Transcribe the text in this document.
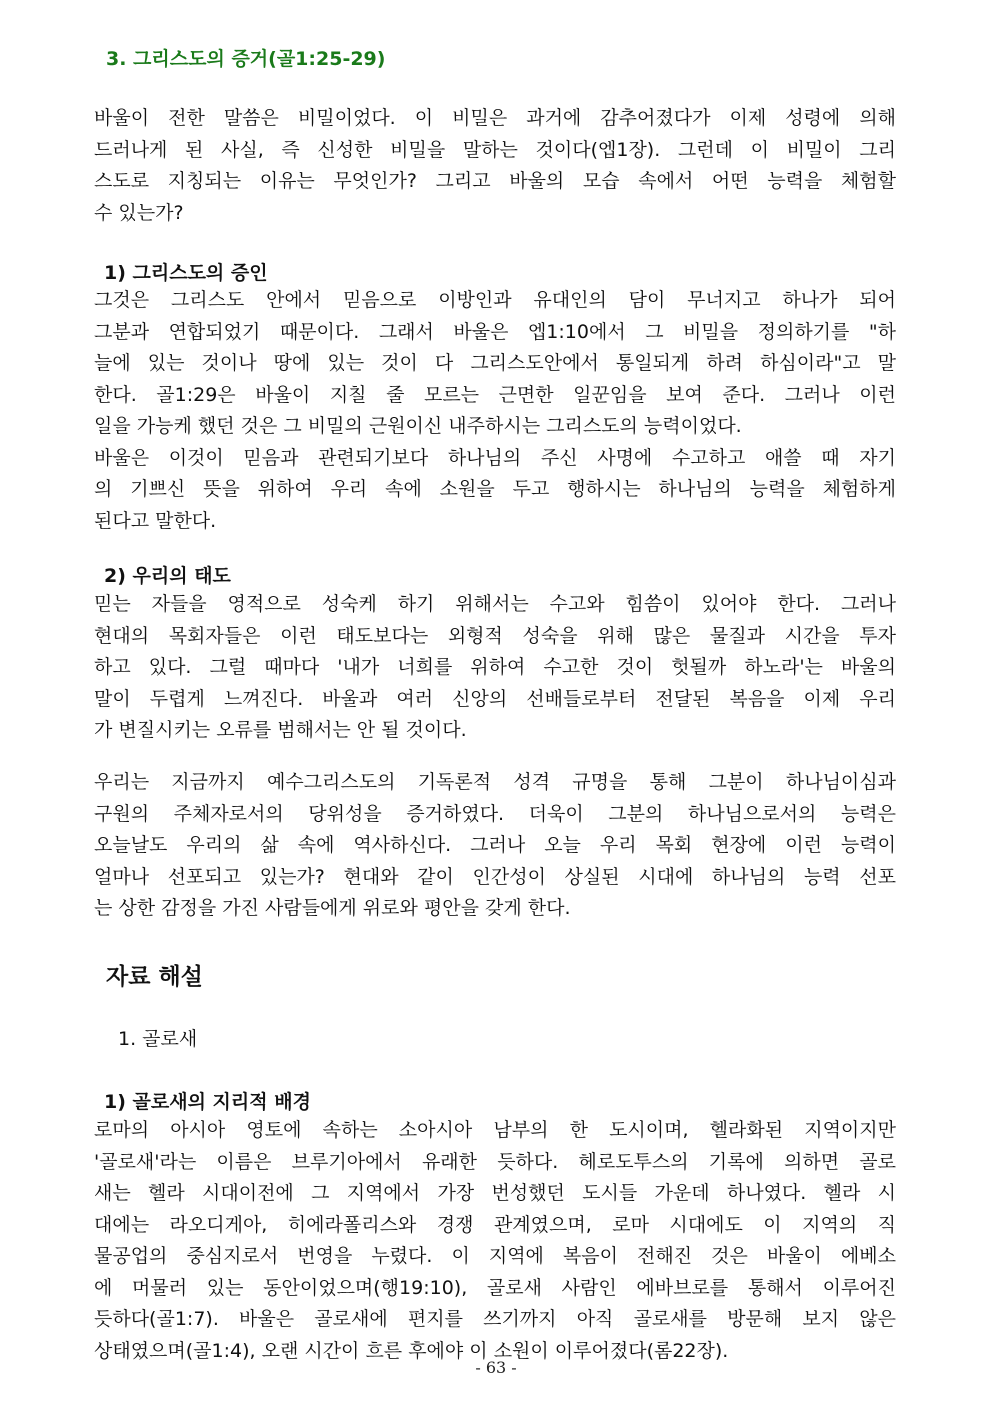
3. 그리스도의 증거(골1:25-29)
바울이 전한 말씀은 비밀이었다. 이 비밀은 과거에 감추어졌다가 이제 성령에 의해
드러나게 된 사실, 즉 신성한 비밀을 말하는 것이다(엡1장). 그런데 이 비밀이 그리
스도로 지칭되는 이유는 무엇인가? 그리고 바울의 모습 속에서 어떤 능력을 체험할
수 있는가?
1) 그리스도의 증인
그것은 그리스도 안에서 믿음으로 이방인과 유대인의 담이 무너지고 하나가 되어
그분과 연합되었기 때문이다. 그래서 바울은 엡1:10에서 그 비밀을 정의하기를 "하
늘에 있는 것이나 땅에 있는 것이 다 그리스도안에서 통일되게 하려 하심이라"고 말
한다. 골1:29은 바울이 지칠 줄 모르는 근면한 일꾼임을 보여 준다. 그러나 이런
일을 가능케 했던 것은 그 비밀의 근원이신 내주하시는 그리스도의 능력이었다.
바울은 이것이 믿음과 관련되기보다 하나님의 주신 사명에 수고하고 애쓸 때 자기
의 기쁘신 뜻을 위하여 우리 속에 소원을 두고 행하시는 하나님의 능력을 체험하게
된다고 말한다.
2) 우리의 태도
믿는 자들을 영적으로 성숙케 하기 위해서는 수고와 힘씀이 있어야 한다. 그러나
현대의 목회자들은 이런 태도보다는 외형적 성숙을 위해 많은 물질과 시간을 투자
하고 있다. 그럴 때마다 '내가 너희를 위하여 수고한 것이 헛될까 하노라'는 바울의
말이 두렵게 느껴진다. 바울과 여러 신앙의 선배들로부터 전달된 복음을 이제 우리
가 변질시키는 오류를 범해서는 안 될 것이다.
우리는 지금까지 예수그리스도의 기독론적 성격 규명을 통해 그분이 하나님이심과
구원의 주체자로서의 당위성을 증거하였다. 더욱이 그분의 하나님으로서의 능력은
오늘날도 우리의 삶 속에 역사하신다. 그러나 오늘 우리 목회 현장에 이런 능력이
얼마나 선포되고 있는가? 현대와 같이 인간성이 상실된 시대에 하나님의 능력 선포
는 상한 감정을 가진 사람들에게 위로와 평안을 갖게 한다.
자료 해설
1. 골로새
1) 골로새의 지리적 배경
로마의 아시아 영토에 속하는 소아시아 남부의 한 도시이며, 헬라화된 지역이지만
'골로새'라는 이름은 브루기아에서 유래한 듯하다. 헤로도투스의 기록에 의하면 골로
새는 헬라 시대이전에 그 지역에서 가장 번성했던 도시들 가운데 하나였다. 헬라 시
대에는 라오디게아, 히에라폴리스와 경쟁 관계였으며, 로마 시대에도 이 지역의 직
물공업의 중심지로서 번영을 누렸다. 이 지역에 복음이 전해진 것은 바울이 에베소
에 머물러 있는 동안이었으며(행19:10), 골로새 사람인 에바브로를 통해서 이루어진
듯하다(골1:7). 바울은 골로새에 편지를 쓰기까지 아직 골로새를 방문해 보지 않은
상태였으며(골1:4), 오랜 시간이 흐른 후에야 이 소원이 이루어졌다(롬22장).
- 63 -
